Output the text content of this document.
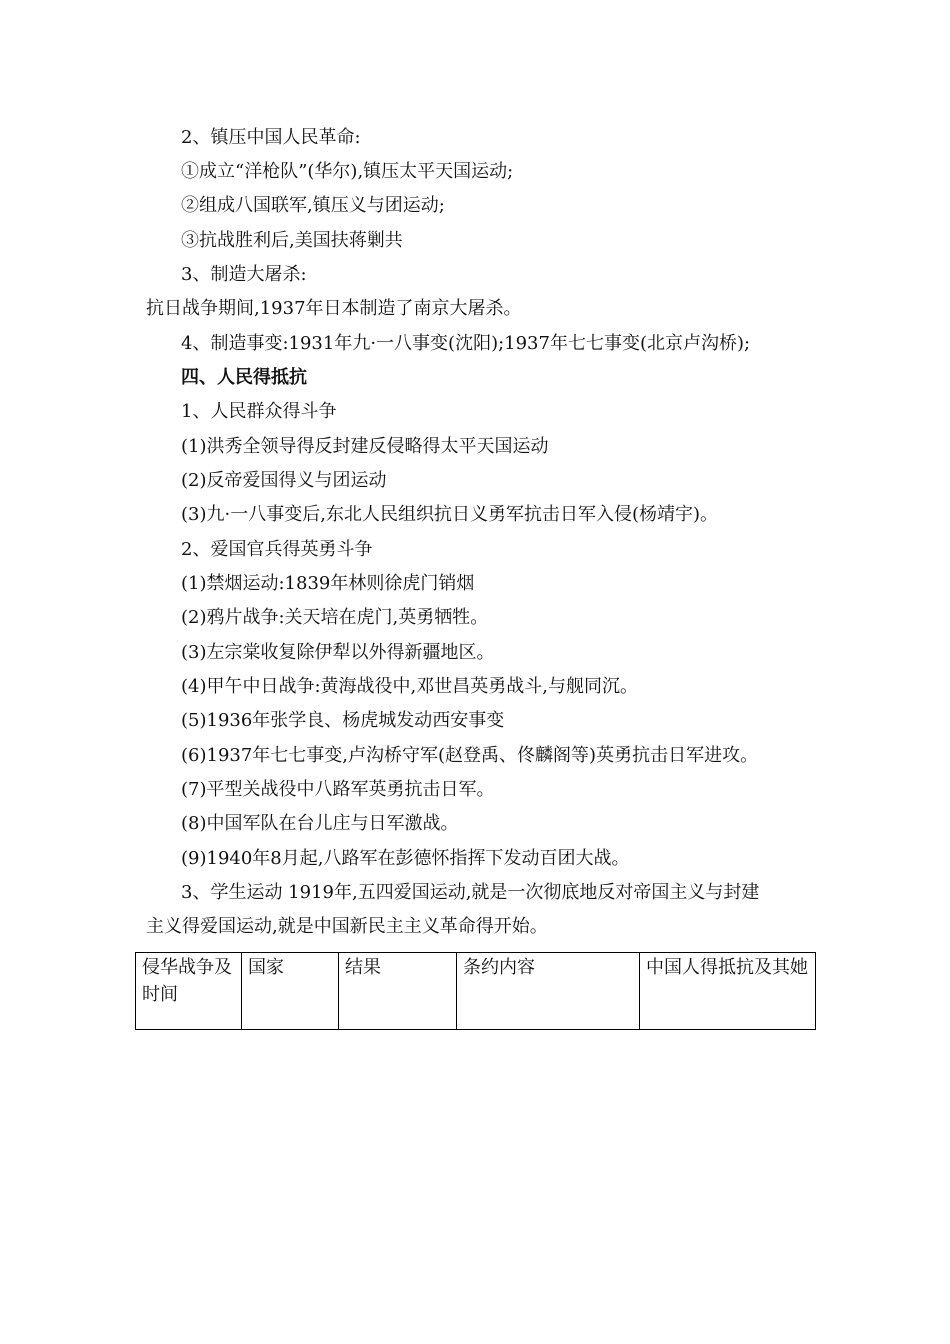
2、镇压中国人民革命:
①成立“洋枪队”(华尔),镇压太平天国运动;
②组成八国联军,镇压义与团运动;
③抗战胜利后,美国扶蒋剿共
3、制造大屠杀:
抗日战争期间,1937年日本制造了南京大屠杀。
4、制造事变:1931年九·一八事变(沈阳);1937年七七事变(北京卢沟桥);
四、人民得抵抗
1、人民群众得斗争
(1)洪秀全领导得反封建反侵略得太平天国运动
(2)反帝爱国得义与团运动
(3)九·一八事变后,东北人民组织抗日义勇军抗击日军入侵(杨靖宇)。
2、爱国官兵得英勇斗争
(1)禁烟运动:1839年林则徐虎门销烟
(2)鸦片战争:关天培在虎门,英勇牺牲。
(3)左宗棠收复除伊犁以外得新疆地区。
(4)甲午中日战争:黄海战役中,邓世昌英勇战斗,与舰同沉。
(5)1936年张学良、杨虎城发动西安事变
(6)1937年七七事变,卢沟桥守军(赵登禹、佟麟阁等)英勇抗击日军进攻。
(7)平型关战役中八路军英勇抗击日军。
(8)中国军队在台儿庄与日军激战。
(9)1940年8月起,八路军在彭德怀指挥下发动百团大战。
3、学生运动 1919年,五四爱国运动,就是一次彻底地反对帝国主义与封建
主义得爱国运动,就是中国新民主主义革命得开始。
侵华战争及时间	国家	结果	条约内容	中国人得抵抗及其她
